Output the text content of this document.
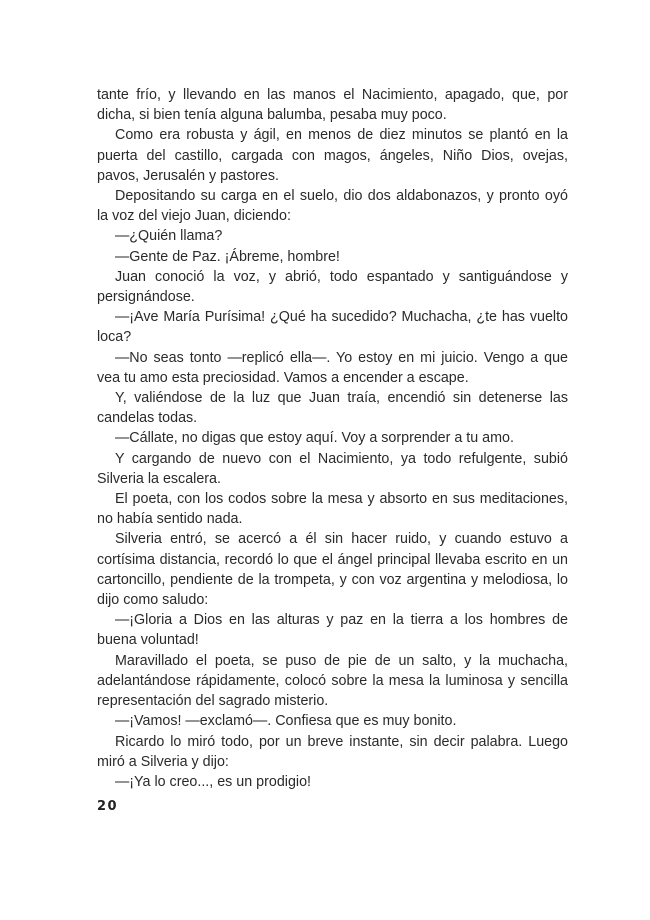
tante frío, y llevando en las manos el Nacimiento, apagado, que, por dicha, si bien tenía alguna balumba, pesaba muy poco.

Como era robusta y ágil, en menos de diez minutos se plantó en la puerta del castillo, cargada con magos, ángeles, Niño Dios, ovejas, pavos, Jerusalén y pastores.

Depositando su carga en el suelo, dio dos aldabonazos, y pronto oyó la voz del viejo Juan, diciendo:

—¿Quién llama?

—Gente de Paz. ¡Ábreme, hombre!

Juan conoció la voz, y abrió, todo espantado y santiguándose y persignándose.

—¡Ave María Purísima! ¿Qué ha sucedido? Muchacha, ¿te has vuelto loca?

—No seas tonto —replicó ella—. Yo estoy en mi juicio. Vengo a que vea tu amo esta preciosidad. Vamos a encender a escape.

Y, valiéndose de la luz que Juan traía, encendió sin detenerse las candelas todas.

—Cállate, no digas que estoy aquí. Voy a sorprender a tu amo.

Y cargando de nuevo con el Nacimiento, ya todo refulgente, subió Silveria la escalera.

El poeta, con los codos sobre la mesa y absorto en sus meditaciones, no había sentido nada.

Silveria entró, se acercó a él sin hacer ruido, y cuando estuvo a cortísima distancia, recordó lo que el ángel principal llevaba escrito en un cartoncillo, pendiente de la trompeta, y con voz argentina y melodiosa, lo dijo como saludo:

—¡Gloria a Dios en las alturas y paz en la tierra a los hombres de buena voluntad!

Maravillado el poeta, se puso de pie de un salto, y la muchacha, adelantándose rápidamente, colocó sobre la mesa la luminosa y sencilla representación del sagrado misterio.

—¡Vamos! —exclamó—. Confiesa que es muy bonito.

Ricardo lo miró todo, por un breve instante, sin decir palabra. Luego miró a Silveria y dijo:

—¡Ya lo creo..., es un prodigio!

20
